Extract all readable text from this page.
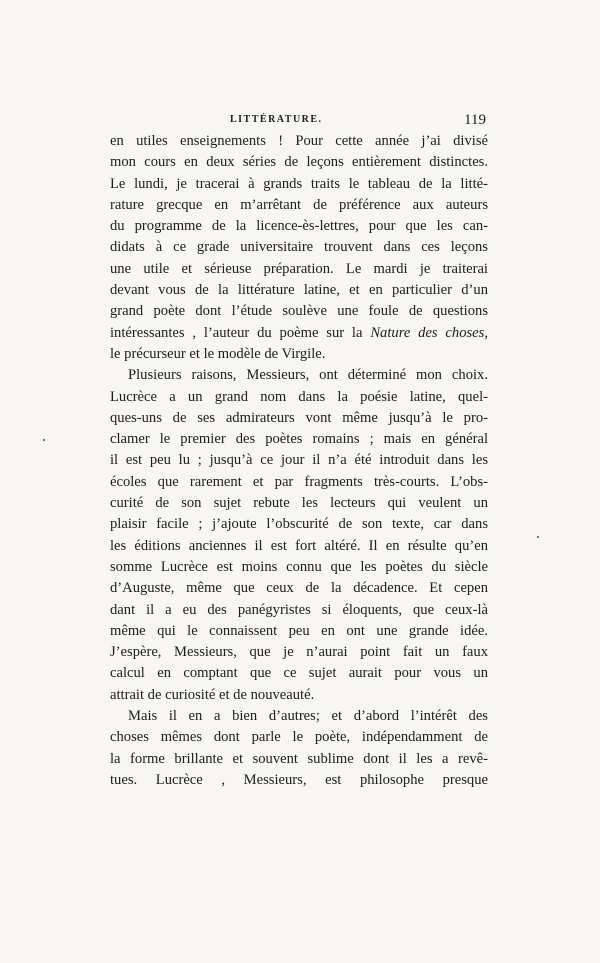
LITTÉRATURE.	119
en utiles enseignements ! Pour cette année j’ai divisé
mon cours en deux séries de leçons entièrement distinctes.
Le lundi, je tracerai à grands traits le tableau de la litté-
rature grecque en m’arrêtant de préférence aux auteurs
du programme de la licence-ès-lettres, pour que les can-
didats à ce grade universitaire trouvent dans ces leçons
une utile et sérieuse préparation. Le mardi je traiterai
devant vous de la littérature latine, et en particulier d’un
grand poète dont l’étude soulève une foule de questions
intéressantes , l’auteur du poème sur la Nature des choses,
le précurseur et le modèle de Virgile.
Plusieurs raisons, Messieurs, ont déterminé mon choix.
Lucrèce a un grand nom dans la poésie latine, quel-
ques-uns de ses admirateurs vont même jusqu’à le pro-
clamer le premier des poètes romains ; mais en général
il est peu lu ; jusqu’à ce jour il n’a été introduit dans les
écoles que rarement et par fragments très-courts. L’obs-
curité de son sujet rebute les lecteurs qui veulent un
plaisir facile ; j’ajoute l’obscurité de son texte, car dans
les éditions anciennes il est fort altéré. Il en résulte qu’en
somme Lucrèce est moins connu que les poètes du siècle
d’Auguste, même que ceux de la décadence. Et cepen
dant il a eu des panégyristes si éloquents, que ceux-là
même qui le connaissent peu en ont une grande idée.
J’espère, Messieurs, que je n’aurai point fait un faux
calcul en comptant que ce sujet aurait pour vous un
attrait de curiosité et de nouveauté.
Mais il en a bien d’autres; et d’abord l’intérêt des
choses mêmes dont parle le poète, indépendamment de
la forme brillante et souvent sublime dont il les a revê-
tues. Lucrèce , Messieurs, est philosophe presque
